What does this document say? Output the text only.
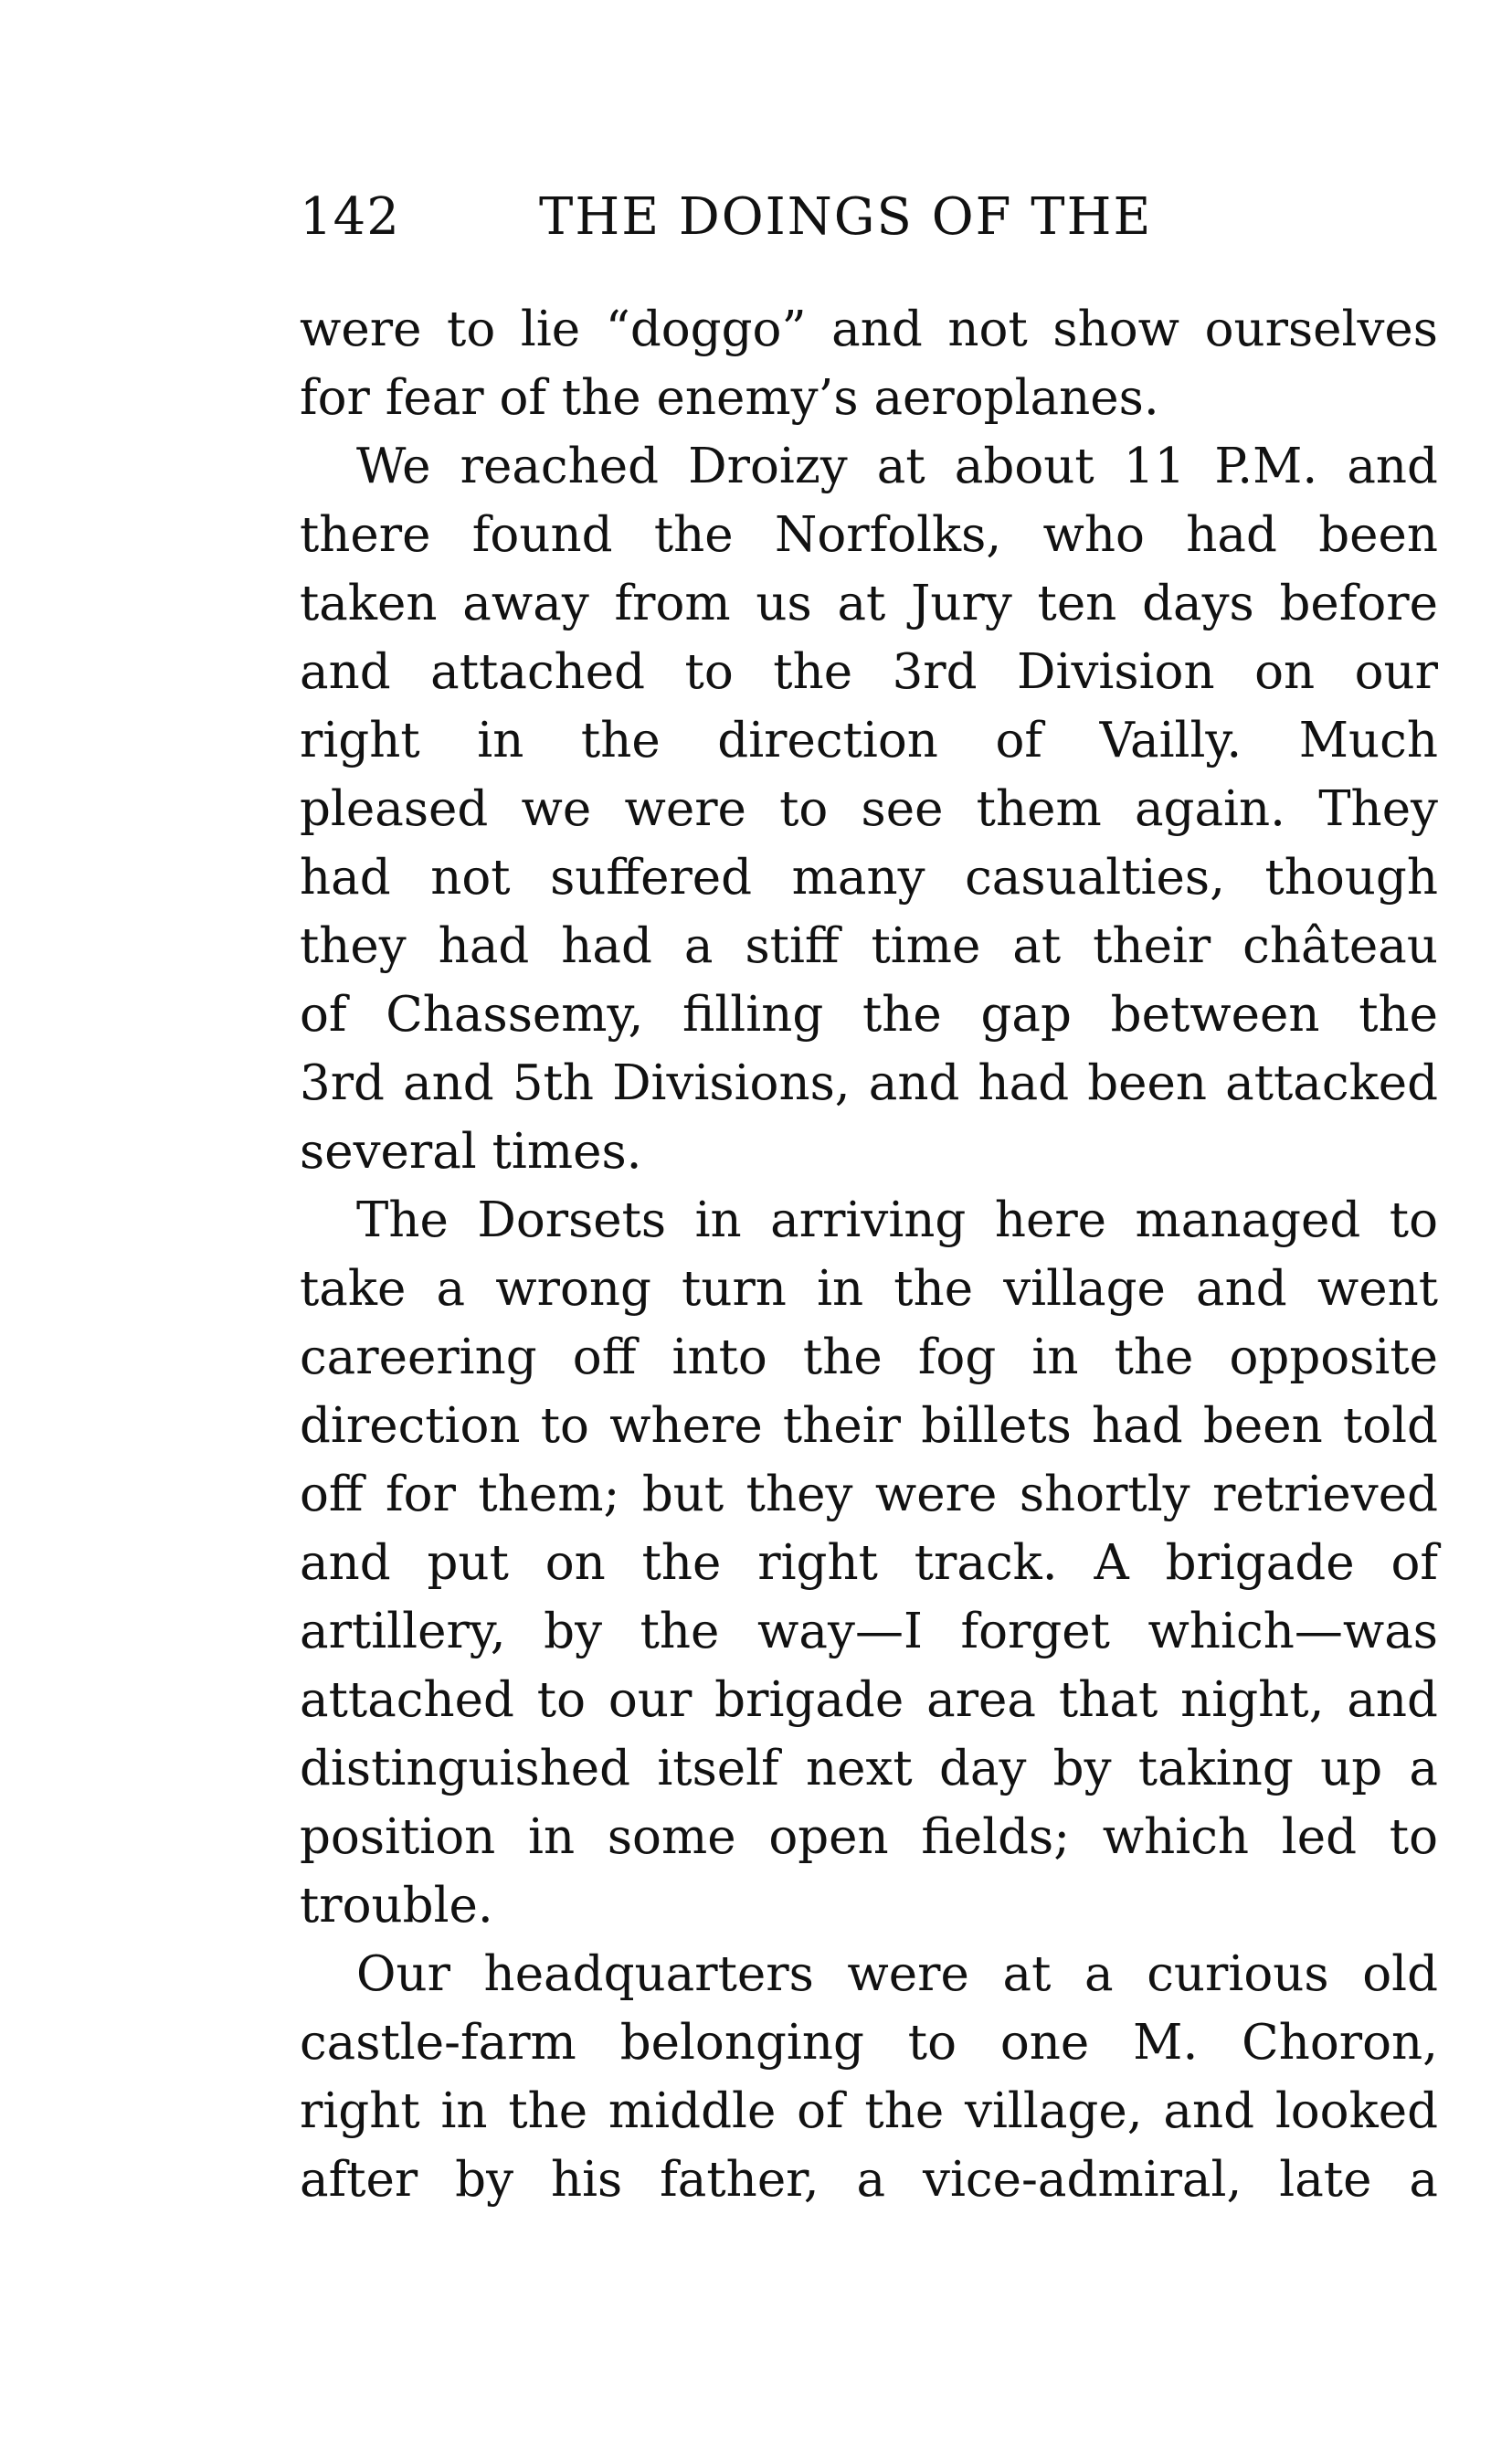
142	THE DOINGS OF THE
were to lie “doggo” and not show ourselves
for fear of the enemy’s aeroplanes.
We reached Droizy at about 11 P.M. and
there found the Norfolks, who had been
taken away from us at Jury ten days before
and attached to the 3rd Division on our
right in the direction of Vailly. Much
pleased we were to see them again. They
had not suffered many casualties, though
they had had a stiff time at their château
of Chassemy, filling the gap between the
3rd and 5th Divisions, and had been attacked
several times.
The Dorsets in arriving here managed to
take a wrong turn in the village and went
careering off into the fog in the opposite
direction to where their billets had been told
off for them; but they were shortly retrieved
and put on the right track. A brigade of
artillery, by the way—I forget which—was
attached to our brigade area that night, and
distinguished itself next day by taking up a
position in some open fields; which led to
trouble.
Our headquarters were at a curious old
castle-farm belonging to one M. Choron,
right in the middle of the village, and looked
after by his father, a vice-admiral, late a
